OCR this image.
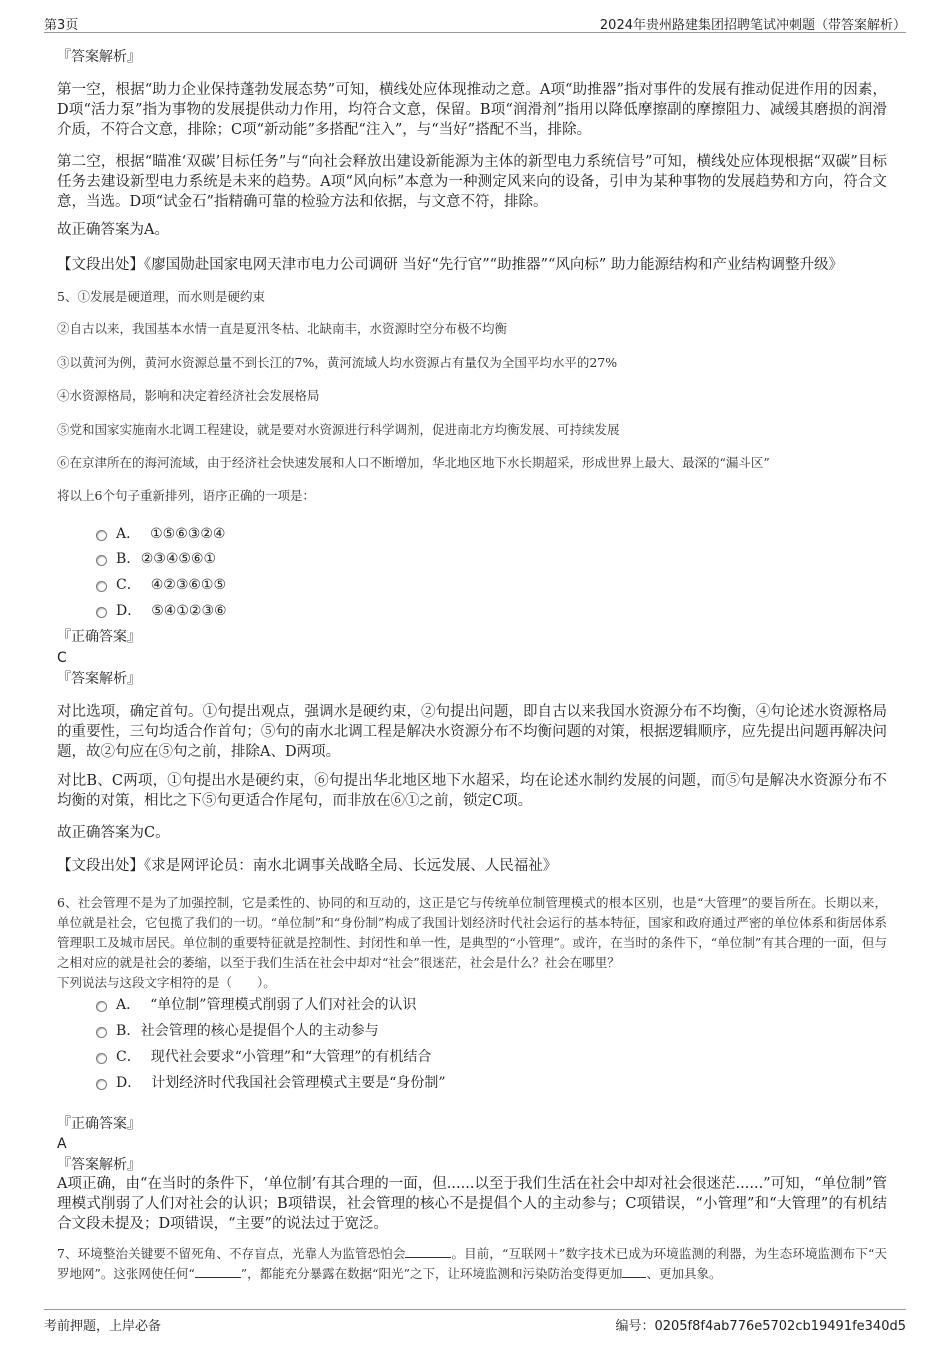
第3页	2024年贵州路建集团招聘笔试冲刺题（带答案解析）
『答案解析』
第一空，根据“助力企业保持蓬勃发展态势”可知，横线处应体现推动之意。A项“助推器”指对事件的发展有推动促进作用的因素，D项“活力泵”指为事物的发展提供动力作用，均符合文意，保留。B项“润滑剂”指用以降低摩擦副的摩擦阻力、减缓其磨损的润滑介质，不符合文意，排除；C项“新动能”多搭配“注入”，与“当好”搭配不当，排除。
第二空，根据“瞄准‘双碳’目标任务”与“向社会释放出建设新能源为主体的新型电力系统信号”可知，横线处应体现根据“双碳”目标任务去建设新型电力系统是未来的趋势。A项“风向标”本意为一种测定风来向的设备，引申为某种事物的发展趋势和方向，符合文意，当选。D项“试金石”指精确可靠的检验方法和依据，与文意不符，排除。
故正确答案为A。
【文段出处】《廖国勋赴国家电网天津市电力公司调研 当好“先行官”“助推器”“风向标” 助力能源结构和产业结构调整升级》
5、①发展是硬道理，而水则是硬约束
②自古以来，我国基本水情一直是夏汛冬枯、北缺南丰，水资源时空分布极不均衡
③以黄河为例，黄河水资源总量不到长江的7%，黄河流域人均水资源占有量仅为全国平均水平的27%
④水资源格局，影响和决定着经济社会发展格局
⑤党和国家实施南水北调工程建设，就是要对水资源进行科学调剂，促进南北方均衡发展、可持续发展
⑥在京津所在的海河流域，由于经济社会快速发展和人口不断增加，华北地区地下水长期超采，形成世界上最大、最深的“漏斗区”
将以上6个句子重新排列，语序正确的一项是：
A． ①⑤⑥③②④
B. ②③④⑤⑥①
C． ④②③⑥①⑤
D． ⑤④①②③⑥
『正确答案』
C
『答案解析』
对比选项，确定首句。①句提出观点，强调水是硬约束，②句提出问题，即自古以来我国水资源分布不均衡，④句论述水资源格局的重要性，三句均适合作首句；⑤句的南水北调工程是解决水资源分布不均衡问题的对策，根据逻辑顺序，应先提出问题再解决问题，故②句应在⑤句之前，排除A、D两项。
对比B、C两项，①句提出水是硬约束，⑥句提出华北地区地下水超采，均在论述水制约发展的问题，而⑤句是解决水资源分布不均衡的对策，相比之下⑤句更适合作尾句，而非放在⑥①之前，锁定C项。
故正确答案为C。
【文段出处】《求是网评论员：南水北调事关战略全局、长远发展、人民福祉》
6、社会管理不是为了加强控制，它是柔性的、协同的和互动的，这正是它与传统单位制管理模式的根本区别，也是“大管理”的要旨所在。长期以来，单位就是社会，它包揽了我们的一切。“单位制”和“身份制”构成了我国计划经济时代社会运行的基本特征，国家和政府通过严密的单位体系和街居体系管理职工及城市居民。单位制的重要特征就是控制性、封闭性和单一性，是典型的“小管理”。或许，在当时的条件下，“单位制”有其合理的一面，但与之相对应的就是社会的萎缩，以至于我们生活在社会中却对“社会”很迷茫，社会是什么？社会在哪里？
下列说法与这段文字相符的是（　　）。
A． “单位制”管理模式削弱了人们对社会的认识
B. 社会管理的核心是提倡个人的主动参与
C． 现代社会要求“小管理”和“大管理”的有机结合
D． 计划经济时代我国社会管理模式主要是“身份制”
『正确答案』
A
『答案解析』
A项正确，由“在当时的条件下，‘单位制’有其合理的一面，但......以至于我们生活在社会中却对社会很迷茫......”可知，“单位制”管理模式削弱了人们对社会的认识；B项错误，社会管理的核心不是提倡个人的主动参与；C项错误，“小管理”和“大管理”的有机结合文段未提及；D项错误，“主要”的说法过于宽泛。
7、环境整治关键要不留死角、不存盲点，光靠人为监管恐怕会	。目前，“互联网＋”数字技术已成为环境监测的利器，为生态环境监测布下“天罗地网”。这张网使任何“	”，都能充分暴露在数据“阳光”之下，让环境监测和污染防治变得更加 、更加具象。
考前押题，上岸必备	编号：0205f8f4ab776e5702cb19491fe340d5
